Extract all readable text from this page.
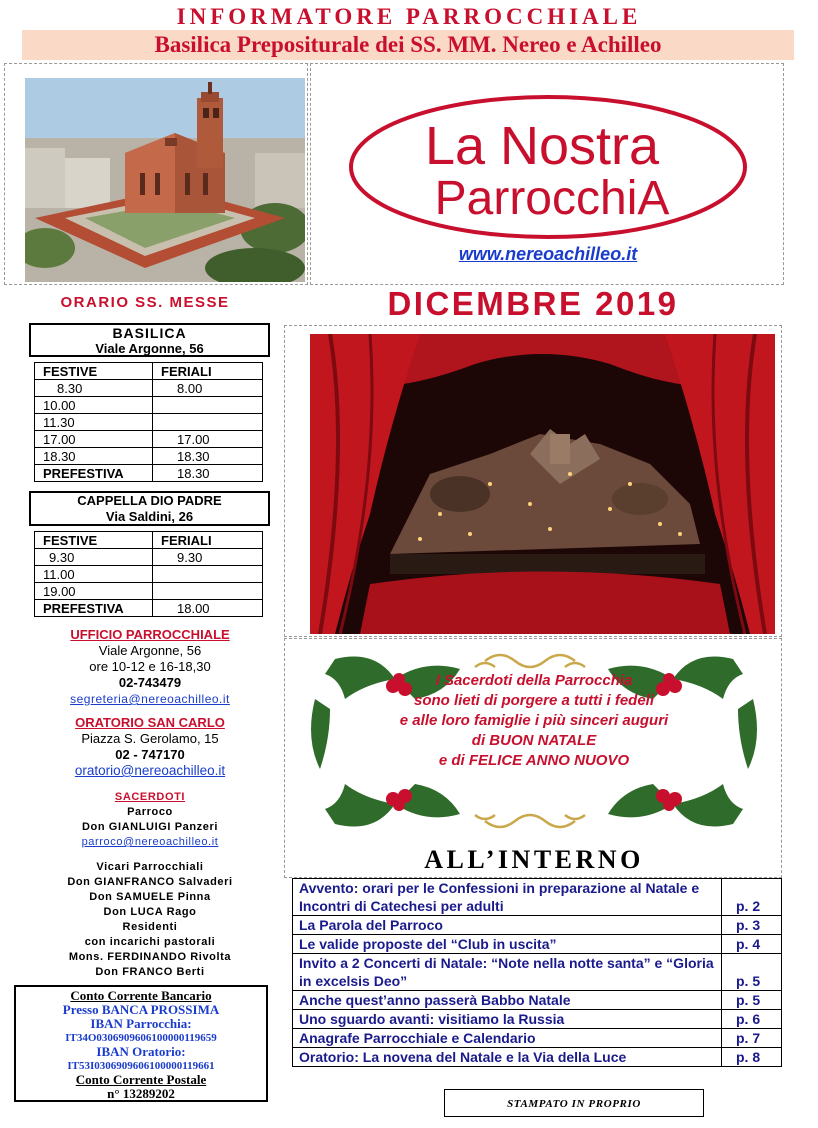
INFORMATORE PARROCCHIALE
Basilica Prepositurale dei SS. MM. Nereo e Achilleo
La Nostra
ParrocchiA
www.nereoachilleo.it
ORARIO SS. MESSE
BASILICA
Viale Argonne, 56
FESTIVE	FERIALI
8.30	8.00
10.00	
11.30	
17.00	17.00
18.30	18.30
PREFESTIVA	18.30
CAPPELLA DIO PADRE
Via Saldini, 26
FESTIVE	FERIALI
9.30	9.30
11.00	
19.00	
PREFESTIVA	18.00
UFFICIO PARROCCHIALE
Viale Argonne, 56
ore 10-12 e 16-18,30
02-743479
segreteria@nereoachilleo.it
ORATORIO SAN CARLO
Piazza S. Gerolamo, 15
02 - 747170
oratorio@nereoachilleo.it
SACERDOTI
Parroco
Don GIANLUIGI Panzeri
parroco@nereoachilleo.it
Vicari Parrocchiali
Don GIANFRANCO Salvaderi
Don SAMUELE Pinna
Don LUCA Rago
Residenti
con incarichi pastorali
Mons. FERDINANDO Rivolta
Don FRANCO Berti
Conto Corrente Bancario
Presso BANCA PROSSIMA
IBAN Parrocchia:
IT34O0306909606100000119659
IBAN Oratorio:
IT53I0306909606100000119661
Conto Corrente Postale
n° 13289202
DICEMBRE 2019
I Sacerdoti della Parrocchia
sono lieti di porgere a tutti i fedeli
e alle loro famiglie i più sinceri auguri
di BUON NATALE
e di FELICE ANNO NUOVO
ALL’INTERNO
Avvento: orari per le Confessioni in preparazione al Natale e Incontri di Catechesi per adulti	p. 2
La Parola del Parroco	p. 3
Le valide proposte del “Club in uscita”	p. 4
Invito a 2 Concerti di Natale: “Note nella notte santa” e “Gloria in excelsis Deo”	p. 5
Anche quest’anno passerà Babbo Natale	p. 5
Uno sguardo avanti: visitiamo la Russia	p. 6
Anagrafe Parrocchiale e Calendario	p. 7
Oratorio: La novena del Natale e la Via della Luce	p. 8
STAMPATO IN PROPRIO
